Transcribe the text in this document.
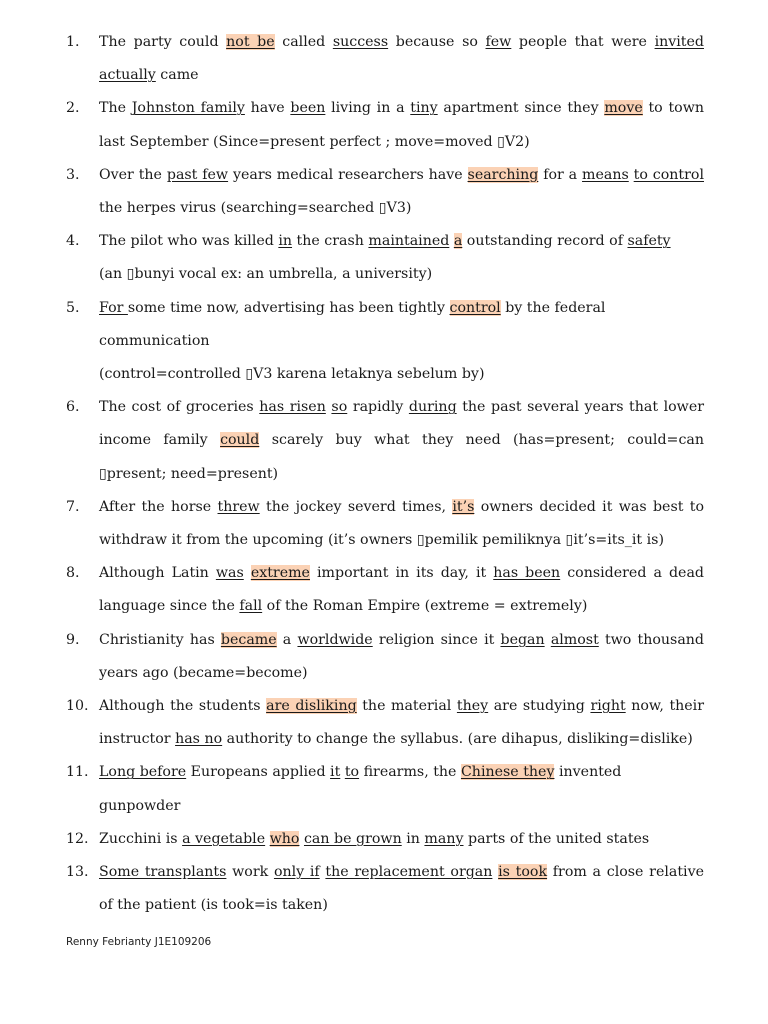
1. The party could not be called success because so few people that were invited actually came
2. The Johnston family have been living in a tiny apartment since they move to town last September (Since=present perfect ; move=moved ▯V2)
3. Over the past few years medical researchers have searching for a means to control the herpes virus (searching=searched ▯V3)
4. The pilot who was killed in the crash maintained a outstanding record of safety
(an ▯bunyi vocal ex: an umbrella, a university)
5. For some time now, advertising has been tightly control by the federal communication
(control=controlled ▯V3 karena letaknya sebelum by)
6. The cost of groceries has risen so rapidly during the past several years that lower income family could scarely buy what they need (has=present; could=can ▯present; need=present)
7. After the horse threw the jockey severd times, it’s owners decided it was best to withdraw it from the upcoming (it’s owners ▯pemilik pemiliknya ▯it’s=its_it is)
8. Although Latin was extreme important in its day, it has been considered a dead language since the fall of the Roman Empire (extreme = extremely)
9. Christianity has became a worldwide religion since it began almost two thousand years ago (became=become)
10. Although the students are disliking the material they are studying right now, their instructor has no authority to change the syllabus. (are dihapus, disliking=dislike)
11. Long before Europeans applied it to firearms, the Chinese they invented gunpowder
12. Zucchini is a vegetable who can be grown in many parts of the united states
13. Some transplants work only if the replacement organ is took from a close relative of the patient (is took=is taken)
Renny Febrianty J1E109206
